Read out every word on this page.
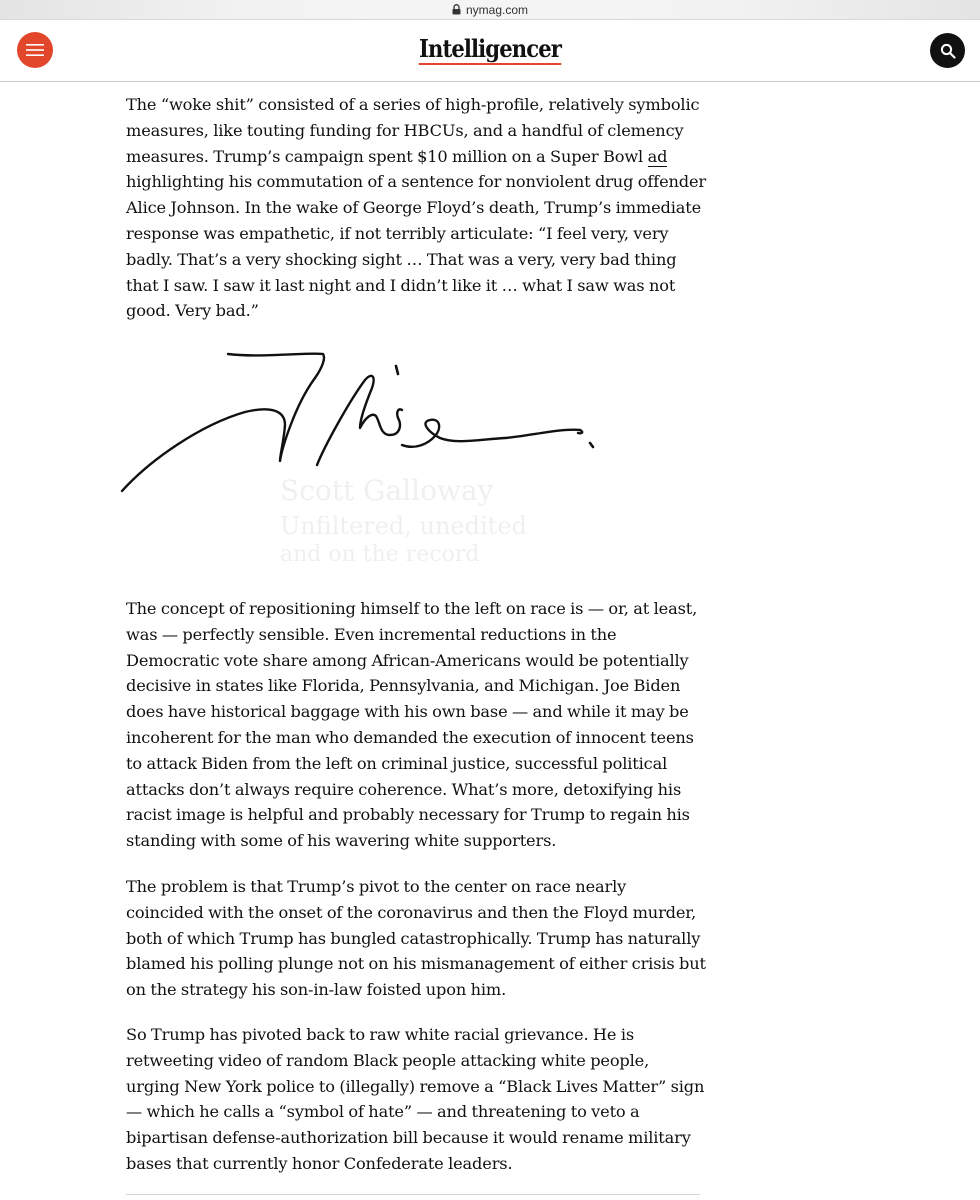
nymag.com
Intelligencer

The “woke shit” consisted of a series of high-profile, relatively symbolic measures, like touting funding for HBCUs, and a handful of clemency measures. Trump’s campaign spent $10 million on a Super Bowl ad highlighting his commutation of a sentence for nonviolent drug offender Alice Johnson. In the wake of George Floyd’s death, Trump’s immediate response was empathetic, if not terribly articulate: “I feel very, very badly. That’s a very shocking sight … That was a very, very bad thing that I saw. I saw it last night and I didn’t like it … what I saw was not good. Very bad.”

The concept of repositioning himself to the left on race is — or, at least, was — perfectly sensible. Even incremental reductions in the Democratic vote share among African-Americans would be potentially decisive in states like Florida, Pennsylvania, and Michigan. Joe Biden does have historical baggage with his own base — and while it may be incoherent for the man who demanded the execution of innocent teens to attack Biden from the left on criminal justice, successful political attacks don’t always require coherence. What’s more, detoxifying his racist image is helpful and probably necessary for Trump to regain his standing with some of his wavering white supporters.

The problem is that Trump’s pivot to the center on race nearly coincided with the onset of the coronavirus and then the Floyd murder, both of which Trump has bungled catastrophically. Trump has naturally blamed his polling plunge not on his mismanagement of either crisis but on the strategy his son-in-law foisted upon him.

So Trump has pivoted back to raw white racial grievance. He is retweeting video of random Black people attacking white people, urging New York police to (illegally) remove a “Black Lives Matter” sign — which he calls a “symbol of hate” — and threatening to veto a bipartisan defense-authorization bill because it would rename military bases that currently honor Confederate leaders.

Scott Galloway
Unfiltered, unedited
and on the record
